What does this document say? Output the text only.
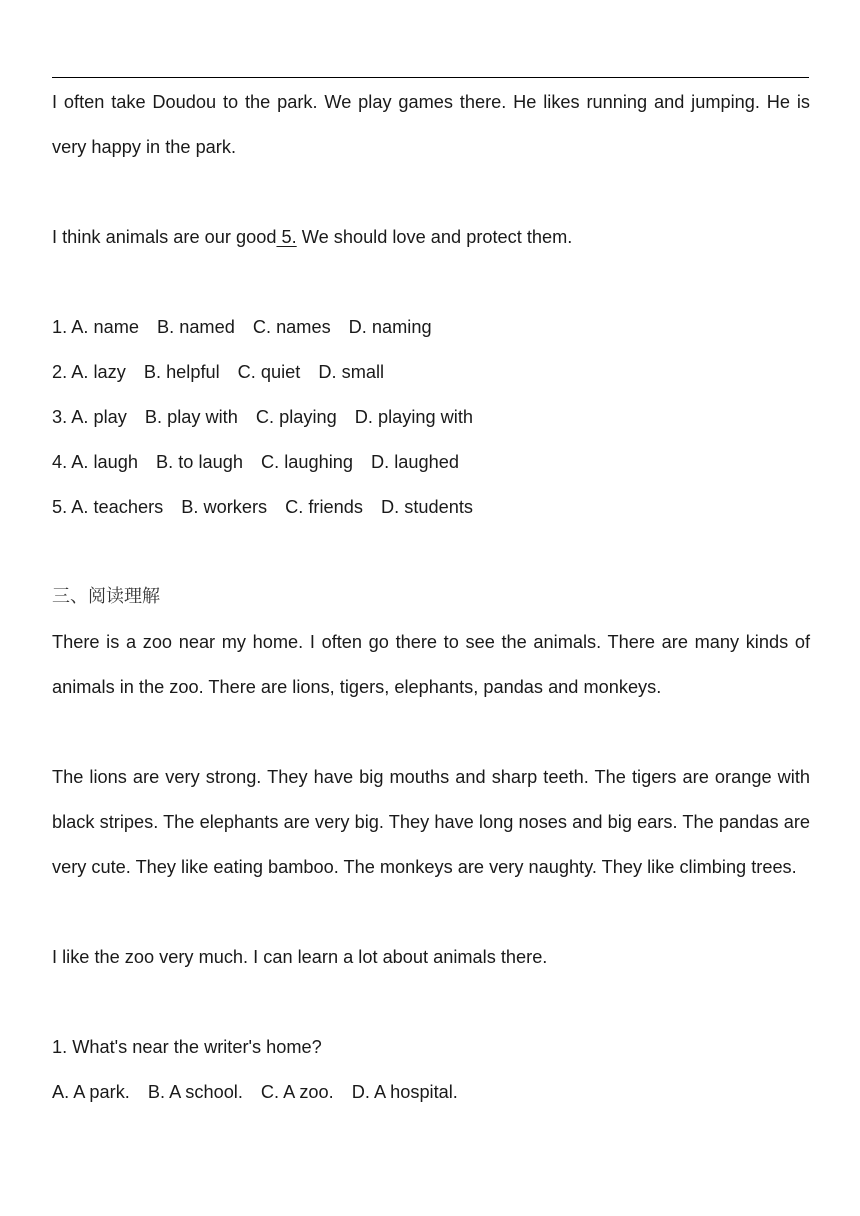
I often take Doudou to the park. We play games there. He likes running and jumping. He is
very happy in the park.
I think animals are our good 5. We should love and protect them.
1. A. name B. named C. names D. naming
2. A. lazy B. helpful C. quiet D. small
3. A. play B. play with C. playing D. playing with
4. A. laugh B. to laugh C. laughing D. laughed
5. A. teachers B. workers C. friends D. students
三、阅读理解
There is a zoo near my home. I often go there to see the animals. There are many kinds of
animals in the zoo. There are lions, tigers, elephants, pandas and monkeys.
The lions are very strong. They have big mouths and sharp teeth. The tigers are orange with
black stripes. The elephants are very big. They have long noses and big ears. The pandas are
very cute. They like eating bamboo. The monkeys are very naughty. They like climbing trees.
I like the zoo very much. I can learn a lot about animals there.
1. What's near the writer's home?
A. A park. B. A school. C. A zoo. D. A hospital.
